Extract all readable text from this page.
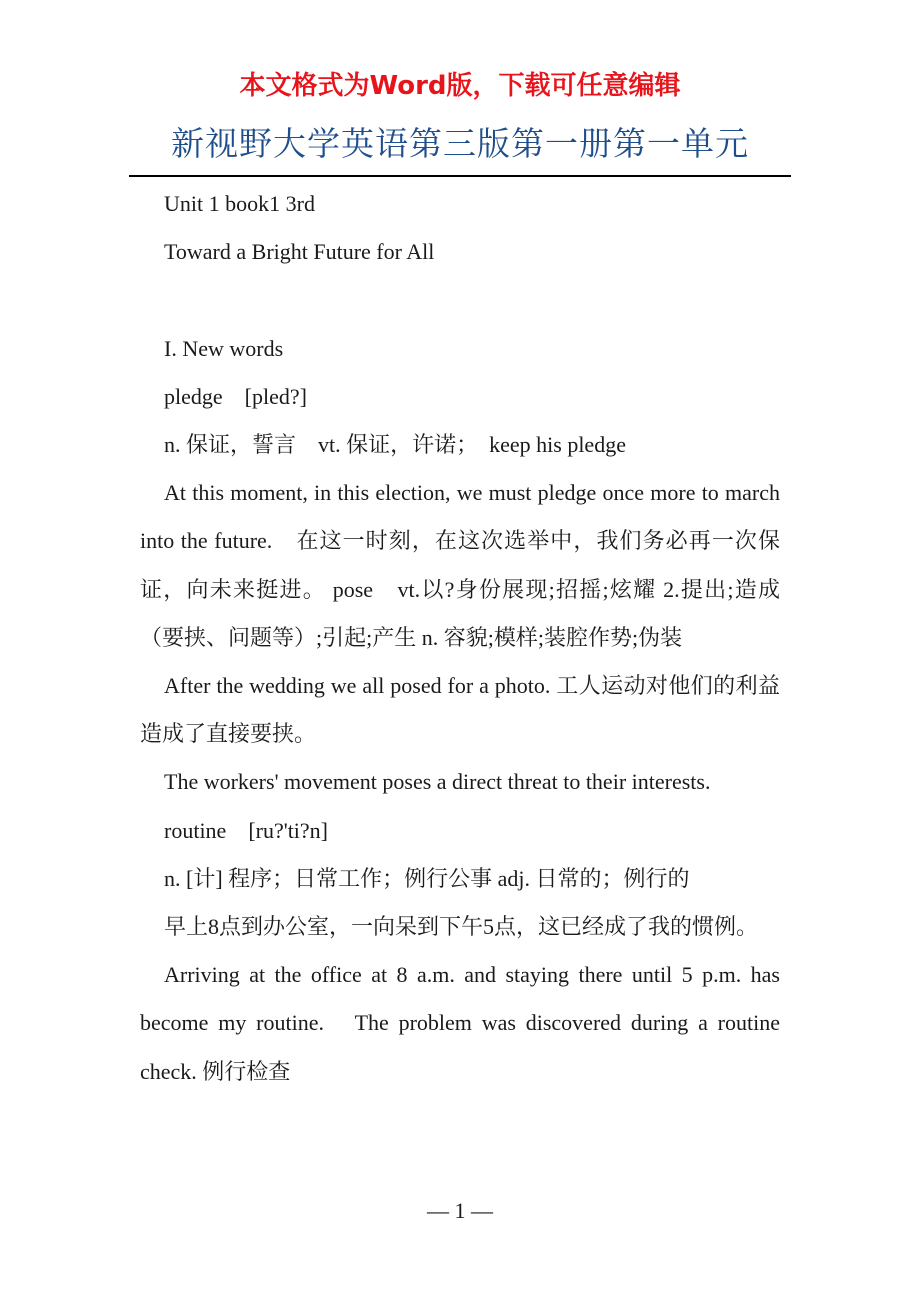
本文格式为Word版，下载可任意编辑
新视野大学英语第三版第一册第一单元

Unit 1 book1 3rd

Toward a Bright Future for All

I. New words

pledge　[pled?]

n. 保证，誓言　vt. 保证，许诺；　keep his pledge

At this moment, in this election, we must pledge once more to march into the future.　在这一时刻，在这次选举中，我们务必再一次保证，向未来挺进。 pose　vt.以?身份展现;招摇;炫耀 2.提出;造成（要挟、问题等）;引起;产生 n. 容貌;模样;装腔作势;伪装

After the wedding we all posed for a photo. 工人运动对他们的利益造成了直接要挟。

The workers' movement poses a direct threat to their interests.

routine　[ru?'ti?n]

n. [计] 程序；日常工作；例行公事 adj. 日常的；例行的

早上8点到办公室，一向呆到下午5点，这已经成了我的惯例。

Arriving at the office at 8 a.m. and staying there until 5 p.m. has become my routine.　The problem was discovered during a routine check. 例行检查

— 1 —
